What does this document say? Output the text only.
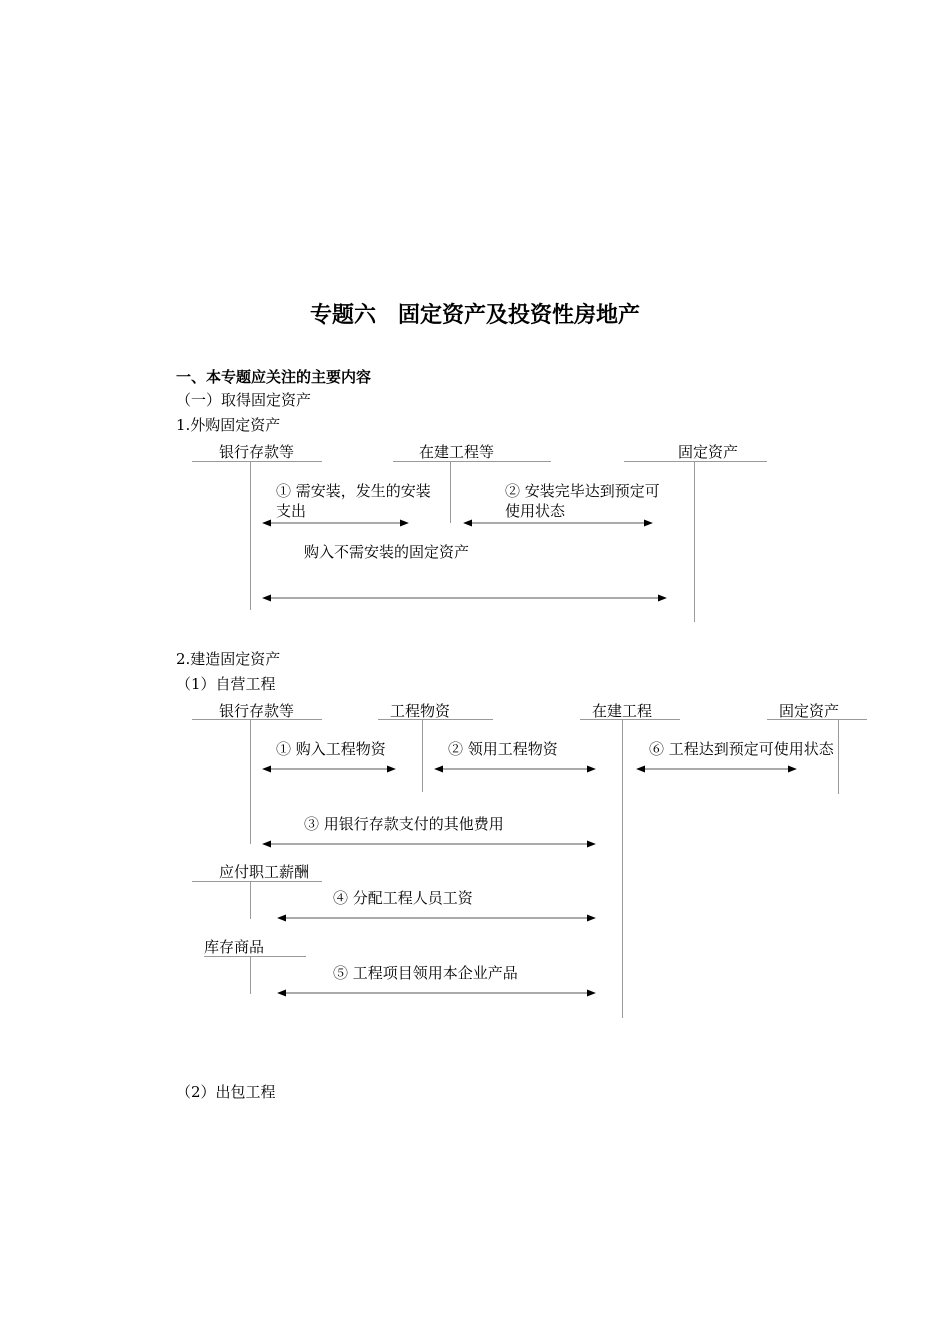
专题六　固定资产及投资性房地产
一、本专题应关注的主要内容
（一）取得固定资产
1.外购固定资产
银行存款等	在建工程等	固定资产
① 需安装，发生的安装支出
② 安装完毕达到预定可使用状态
购入不需安装的固定资产
2.建造固定资产
（1）自营工程
银行存款等	工程物资	在建工程	固定资产
应付职工薪酬
库存商品
① 购入工程物资	② 领用工程物资
③ 用银行存款支付的其他费用
④ 分配工程人员工资
⑤ 工程项目领用本企业产品
⑥ 工程达到预定可使用状态
（2）出包工程
